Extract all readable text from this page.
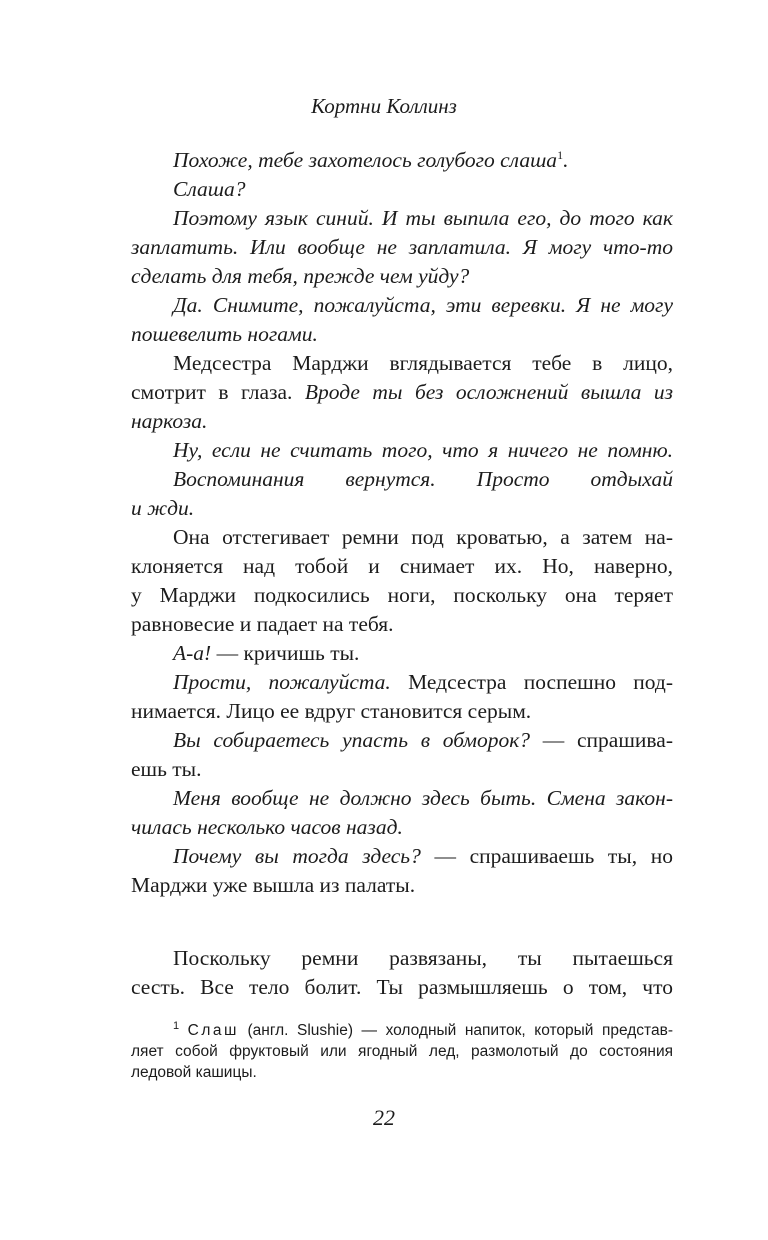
Кортни Коллинз
Похоже, тебе захотелось голубого слаша$^1$.
Слаша?
Поэтому язык синий. И ты выпила его, до того как
заплатить. Или вообще не заплатила. Я могу что-то
сделать для тебя, прежде чем уйду?
Да. Снимите, пожалуйста, эти веревки. Я не могу
пошевелить ногами.
Медсестра Марджи вглядывается тебе в лицо,
смотрит в глаза. Вроде ты без осложнений вышла из
наркоза.
Ну, если не считать того, что я ничего не помню.
Воспоминания вернутся. Просто отдыхай
и жди.
Она отстегивает ремни под кроватью, а затем на-
клоняется над тобой и снимает их. Но, наверно,
у Марджи подкосились ноги, поскольку она теряет
равновесие и падает на тебя.
А-а! — кричишь ты.
Прости, пожалуйста. Медсестра поспешно под-
нимается. Лицо ее вдруг становится серым.
Вы собираетесь упасть в обморок? — спрашива-
ешь ты.
Меня вообще не должно здесь быть. Смена закон-
чилась несколько часов назад.
Почему вы тогда здесь? — спрашиваешь ты, но
Марджи уже вышла из палаты.
Поскольку ремни развязаны, ты пытаешься
сесть. Все тело болит. Ты размышляешь о том, что
$^1$ Слаш (англ. Slushie) — холодный напиток, который представ-
ляет собой фруктовый или ягодный лед, размолотый до состояния
ледовой кашицы.
22
